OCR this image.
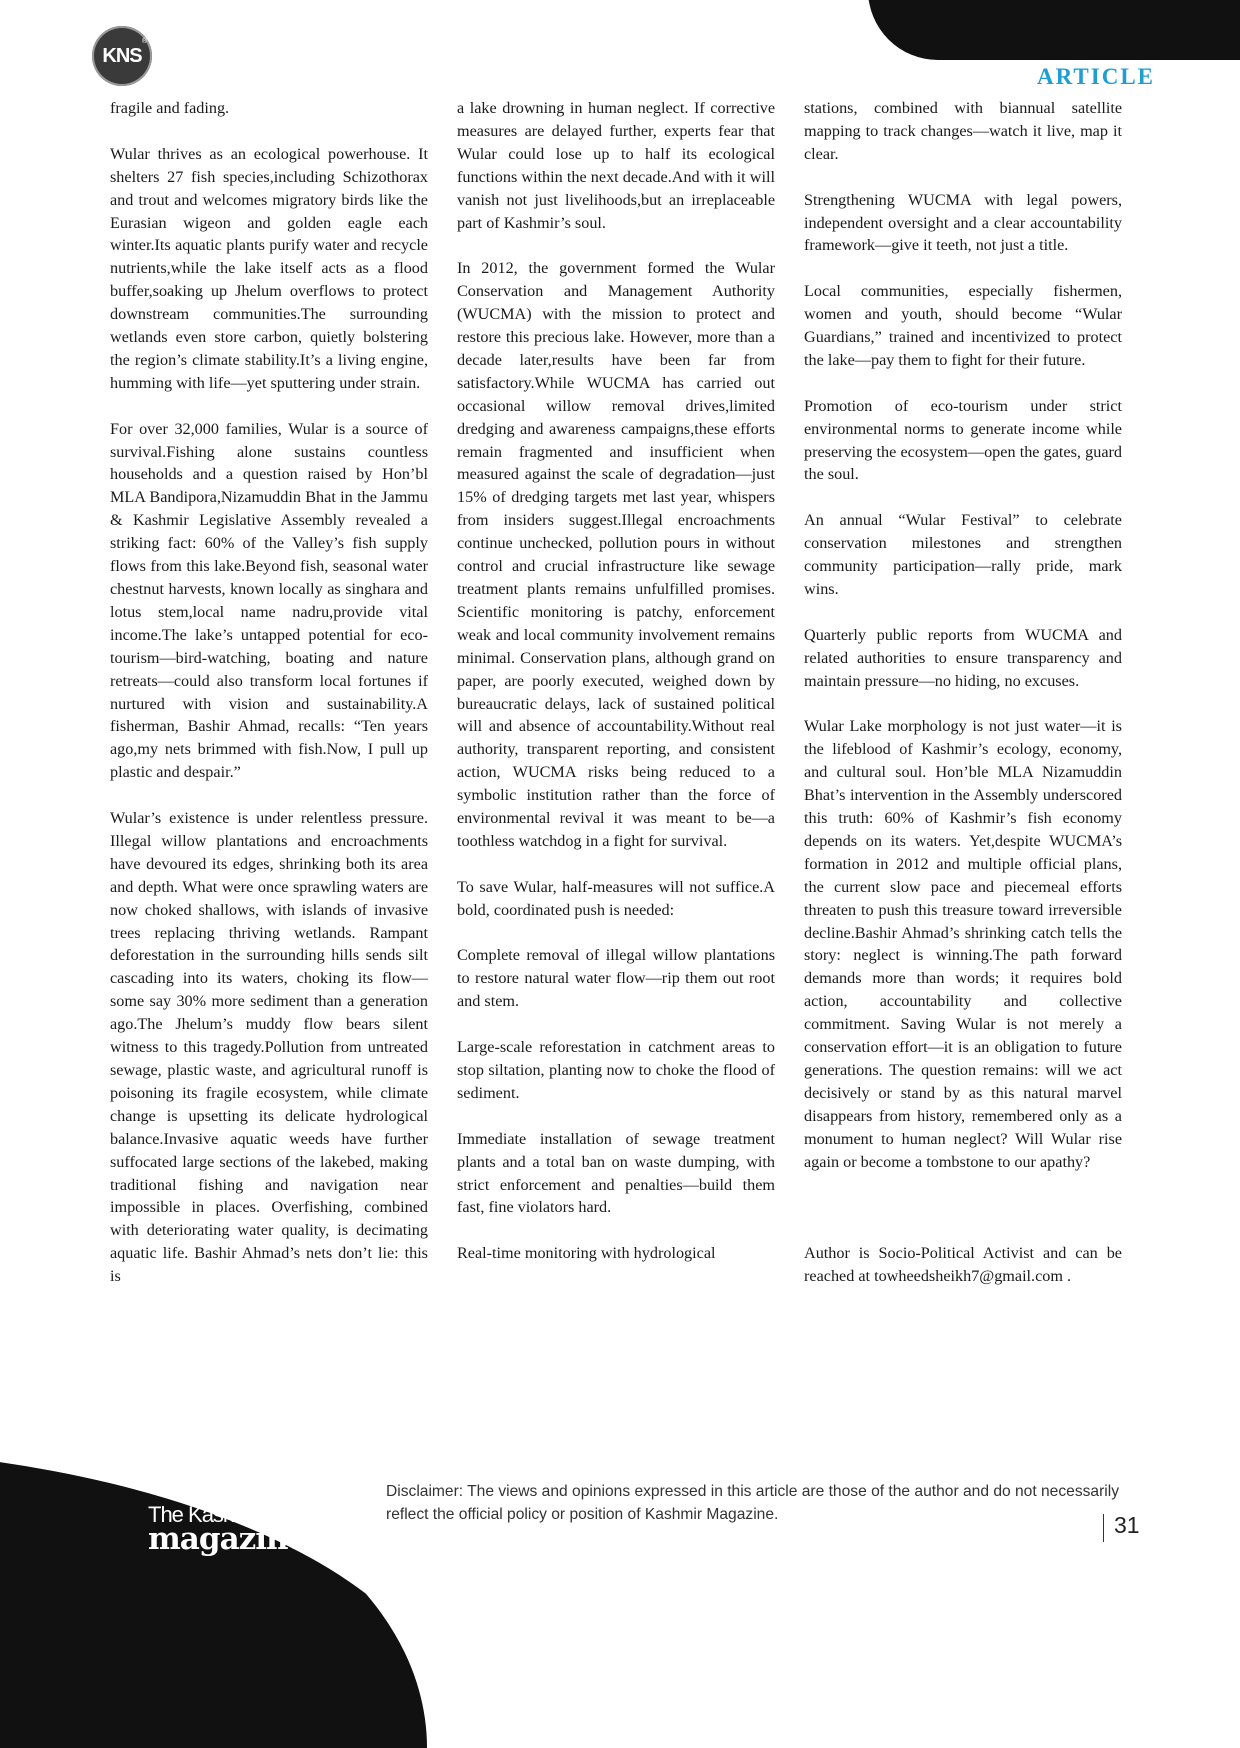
KNS
®
ARTICLE

fragile and fading.

Wular thrives as an ecological powerhouse. It shelters 27 fish species,including Schizothorax and trout and welcomes migratory birds like the Eurasian wigeon and golden eagle each winter.Its aquatic plants purify water and recycle nutrients,while the lake itself acts as a flood buffer,soaking up Jhelum overflows to protect downstream communities.The surrounding wetlands even store carbon, quietly bolstering the region’s climate stability.It’s a living engine, humming with life—yet sputtering under strain.

For over 32,000 families, Wular is a source of survival.Fishing alone sustains countless households and a question raised by Hon’bl MLA Bandipora,Nizamuddin Bhat in the Jammu & Kashmir Legislative Assembly revealed a striking fact: 60% of the Valley’s fish supply flows from this lake.Beyond fish, seasonal water chestnut harvests, known locally as singhara and lotus stem,local name nadru,provide vital income.The lake’s untapped potential for eco-tourism—bird-watching, boating and nature retreats—could also transform local fortunes if nurtured with vision and sustainability.A fisherman, Bashir Ahmad, recalls: “Ten years ago,my nets brimmed with fish.Now, I pull up plastic and despair.”

Wular’s existence is under relentless pressure. Illegal willow plantations and encroachments have devoured its edges, shrinking both its area and depth. What were once sprawling waters are now choked shallows, with islands of invasive trees replacing thriving wetlands. Rampant deforestation in the surrounding hills sends silt cascading into its waters, choking its flow—some say 30% more sediment than a generation ago.The Jhelum’s muddy flow bears silent witness to this tragedy.Pollution from untreated sewage, plastic waste, and agricultural runoff is poisoning its fragile ecosystem, while climate change is upsetting its delicate hydrological balance.Invasive aquatic weeds have further suffocated large sections of the lakebed, making traditional fishing and navigation near impossible in places. Overfishing, combined with deteriorating water quality, is decimating aquatic life. Bashir Ahmad’s nets don’t lie: this is

a lake drowning in human neglect. If corrective measures are delayed further, experts fear that Wular could lose up to half its ecological functions within the next decade.And with it will vanish not just livelihoods,but an irreplaceable part of Kashmir’s soul.

In 2012, the government formed the Wular Conservation and Management Authority (WUCMA) with the mission to protect and restore this precious lake. However, more than a decade later,results have been far from satisfactory.While WUCMA has carried out occasional willow removal drives,limited dredging and awareness campaigns,these efforts remain fragmented and insufficient when measured against the scale of degradation—just 15% of dredging targets met last year, whispers from insiders suggest.Illegal encroachments continue unchecked, pollution pours in without control and crucial infrastructure like sewage treatment plants remains unfulfilled promises. Scientific monitoring is patchy, enforcement weak and local community involvement remains minimal. Conservation plans, although grand on paper, are poorly executed, weighed down by bureaucratic delays, lack of sustained political will and absence of accountability.Without real authority, transparent reporting, and consistent action, WUCMA risks being reduced to a symbolic institution rather than the force of environmental revival it was meant to be—a toothless watchdog in a fight for survival.

To save Wular, half-measures will not suffice.A bold, coordinated push is needed:

Complete removal of illegal willow plantations to restore natural water flow—rip them out root and stem.

Large-scale reforestation in catchment areas to stop siltation, planting now to choke the flood of sediment.

Immediate installation of sewage treatment plants and a total ban on waste dumping, with strict enforcement and penalties—build them fast, fine violators hard.

Real-time monitoring with hydrological

stations, combined with biannual satellite mapping to track changes—watch it live, map it clear.

Strengthening WUCMA with legal powers, independent oversight and a clear accountability framework—give it teeth, not just a title.

Local communities, especially fishermen, women and youth, should become “Wular Guardians,” trained and incentivized to protect the lake—pay them to fight for their future.

Promotion of eco-tourism under strict environmental norms to generate income while preserving the ecosystem—open the gates, guard the soul.

An annual “Wular Festival” to celebrate conservation milestones and strengthen community participation—rally pride, mark wins.

Quarterly public reports from WUCMA and related authorities to ensure transparency and maintain pressure—no hiding, no excuses.

Wular Lake morphology is not just water—it is the lifeblood of Kashmir’s ecology, economy, and cultural soul. Hon’ble MLA Nizamuddin Bhat’s intervention in the Assembly underscored this truth: 60% of Kashmir’s fish economy depends on its waters. Yet,despite WUCMA’s formation in 2012 and multiple official plans, the current slow pace and piecemeal efforts threaten to push this treasure toward irreversible decline.Bashir Ahmad’s shrinking catch tells the story: neglect is winning.The path forward demands more than words; it requires bold action, accountability and collective commitment. Saving Wular is not merely a conservation effort—it is an obligation to future generations. The question remains: will we act decisively or stand by as this natural marvel disappears from history, remembered only as a monument to human neglect? Will Wular rise again or become a tombstone to our apathy?

Author is Socio-Political Activist and can be reached at towheedsheikh7@gmail.com .

The Kashmir
magazine
Disclaimer: The views and opinions expressed in this article are those of the author and do not necessarily reflect the official policy or position of Kashmir Magazine.	31
